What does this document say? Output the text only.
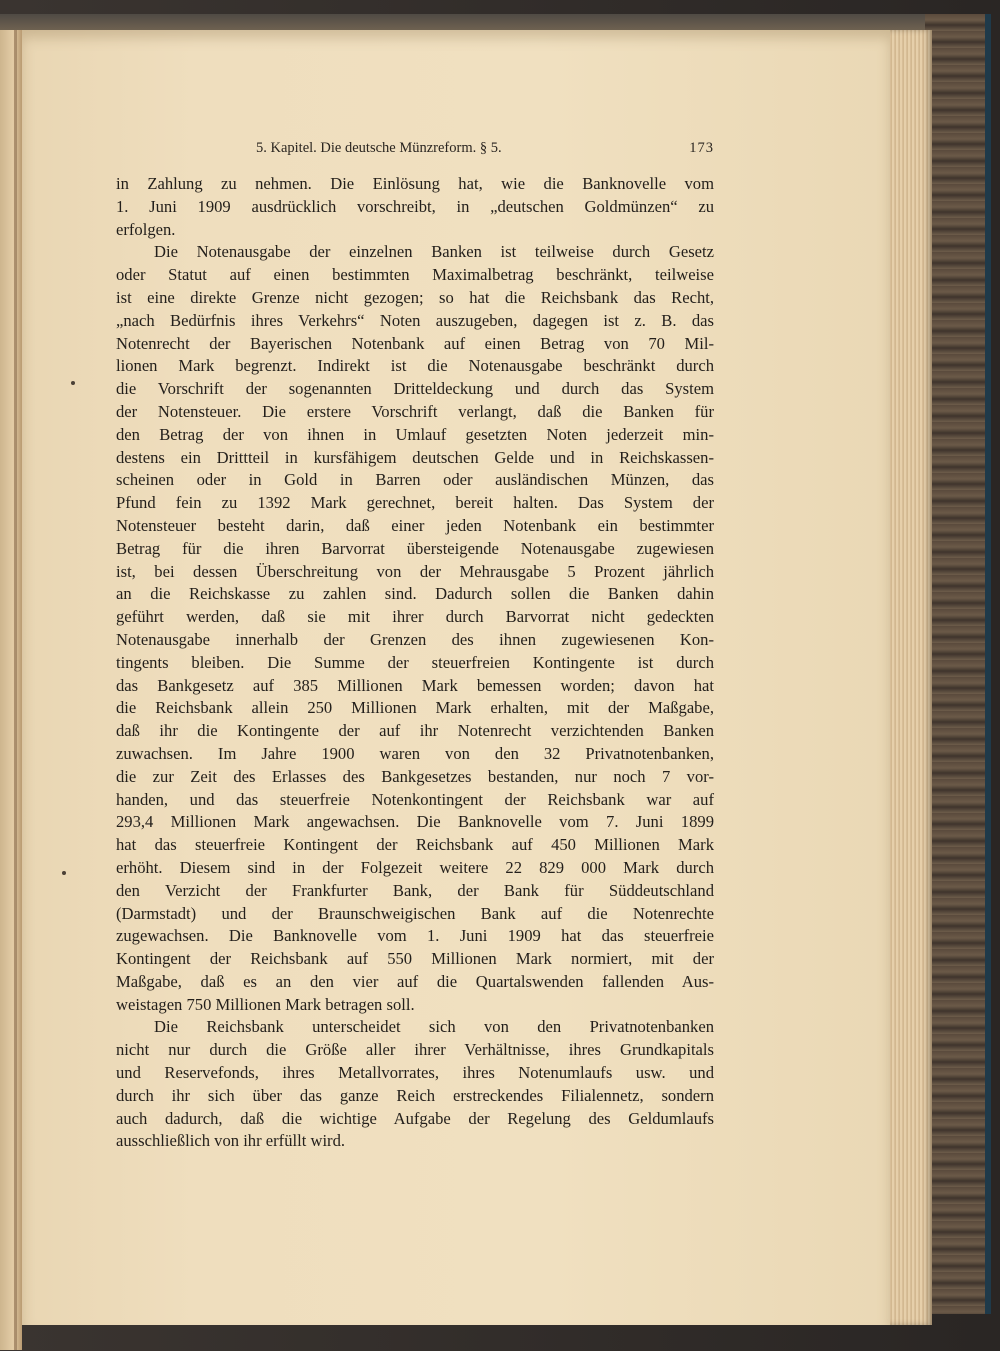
5. Kapitel. Die deutsche Münzreform. § 5.	173
in Zahlung zu nehmen. Die Einlösung hat, wie die Banknovelle vom
1. Juni 1909 ausdrücklich vorschreibt, in „deutschen Goldmünzen“ zu
erfolgen.
Die Notenausgabe der einzelnen Banken ist teilweise durch Gesetz
oder Statut auf einen bestimmten Maximalbetrag beschränkt, teilweise
ist eine direkte Grenze nicht gezogen; so hat die Reichsbank das Recht,
„nach Bedürfnis ihres Verkehrs“ Noten auszugeben, dagegen ist z. B. das
Notenrecht der Bayerischen Notenbank auf einen Betrag von 70 Mil-
lionen Mark begrenzt. Indirekt ist die Notenausgabe beschränkt durch
die Vorschrift der sogenannten Dritteldeckung und durch das System
der Notensteuer. Die erstere Vorschrift verlangt, daß die Banken für
den Betrag der von ihnen in Umlauf gesetzten Noten jederzeit min-
destens ein Drittteil in kursfähigem deutschen Gelde und in Reichskassen-
scheinen oder in Gold in Barren oder ausländischen Münzen, das
Pfund fein zu 1392 Mark gerechnet, bereit halten. Das System der
Notensteuer besteht darin, daß einer jeden Notenbank ein bestimmter
Betrag für die ihren Barvorrat übersteigende Notenausgabe zugewiesen
ist, bei dessen Überschreitung von der Mehrausgabe 5 Prozent jährlich
an die Reichskasse zu zahlen sind. Dadurch sollen die Banken dahin
geführt werden, daß sie mit ihrer durch Barvorrat nicht gedeckten
Notenausgabe innerhalb der Grenzen des ihnen zugewiesenen Kon-
tingents bleiben. Die Summe der steuerfreien Kontingente ist durch
das Bankgesetz auf 385 Millionen Mark bemessen worden; davon hat
die Reichsbank allein 250 Millionen Mark erhalten, mit der Maßgabe,
daß ihr die Kontingente der auf ihr Notenrecht verzichtenden Banken
zuwachsen. Im Jahre 1900 waren von den 32 Privatnotenbanken,
die zur Zeit des Erlasses des Bankgesetzes bestanden, nur noch 7 vor-
handen, und das steuerfreie Notenkontingent der Reichsbank war auf
293,4 Millionen Mark angewachsen. Die Banknovelle vom 7. Juni 1899
hat das steuerfreie Kontingent der Reichsbank auf 450 Millionen Mark
erhöht. Diesem sind in der Folgezeit weitere 22 829 000 Mark durch
den Verzicht der Frankfurter Bank, der Bank für Süddeutschland
(Darmstadt) und der Braunschweigischen Bank auf die Notenrechte
zugewachsen. Die Banknovelle vom 1. Juni 1909 hat das steuerfreie
Kontingent der Reichsbank auf 550 Millionen Mark normiert, mit der
Maßgabe, daß es an den vier auf die Quartalswenden fallenden Aus-
weistagen 750 Millionen Mark betragen soll.
Die Reichsbank unterscheidet sich von den Privatnotenbanken
nicht nur durch die Größe aller ihrer Verhältnisse, ihres Grundkapitals
und Reservefonds, ihres Metallvorrates, ihres Notenumlaufs usw. und
durch ihr sich über das ganze Reich erstreckendes Filialennetz, sondern
auch dadurch, daß die wichtige Aufgabe der Regelung des Geldumlaufs
ausschließlich von ihr erfüllt wird.
